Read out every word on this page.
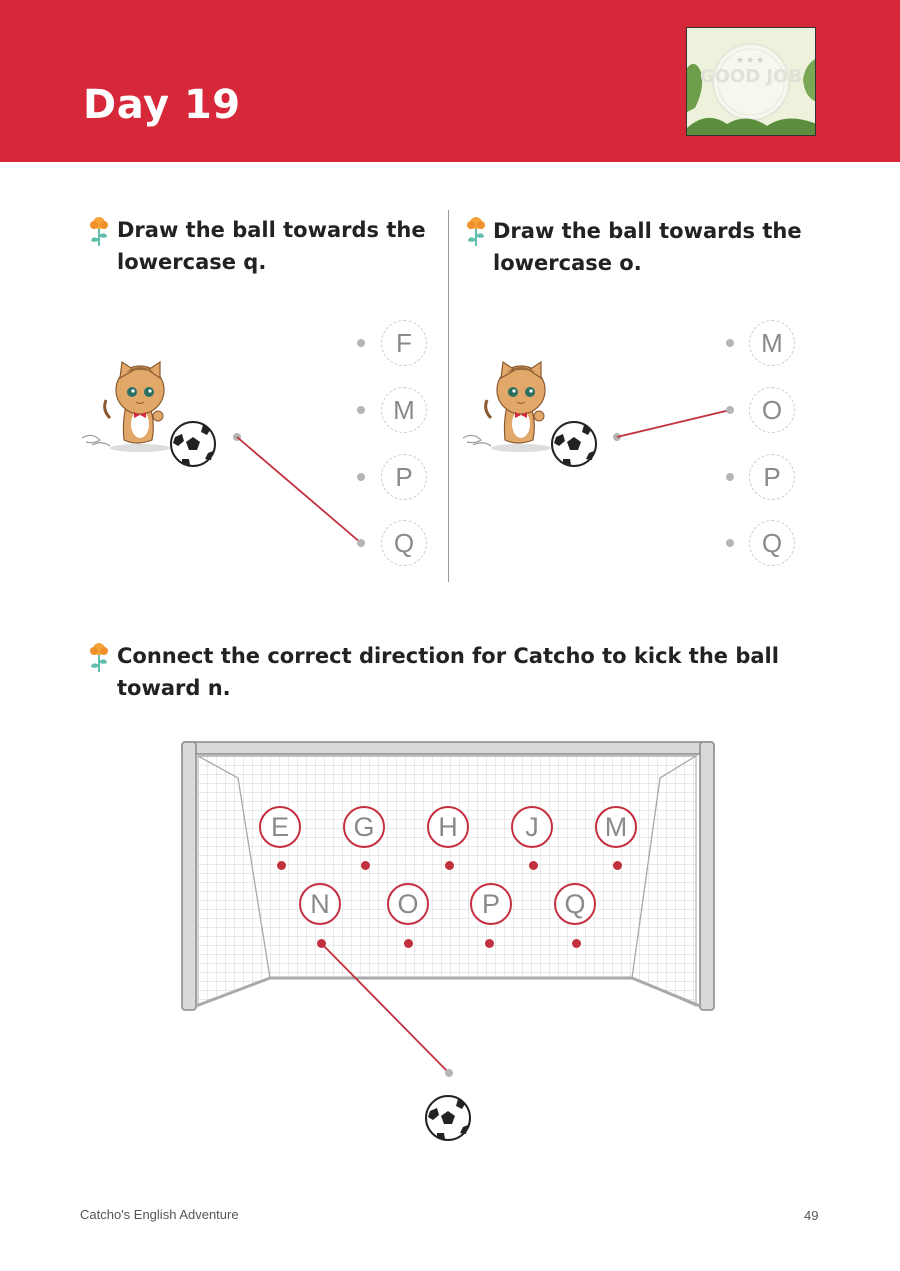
Day 19
★★★
GOOD JOB
Draw the ball towards the
lowercase q.
Draw the ball towards the
lowercase o.
F
M
P
Q
M
O
P
Q
Connect the correct direction for Catcho to kick the ball
toward n.
E	G	H	J	M
N	O	P	Q
Catcho's English Adventure	49
